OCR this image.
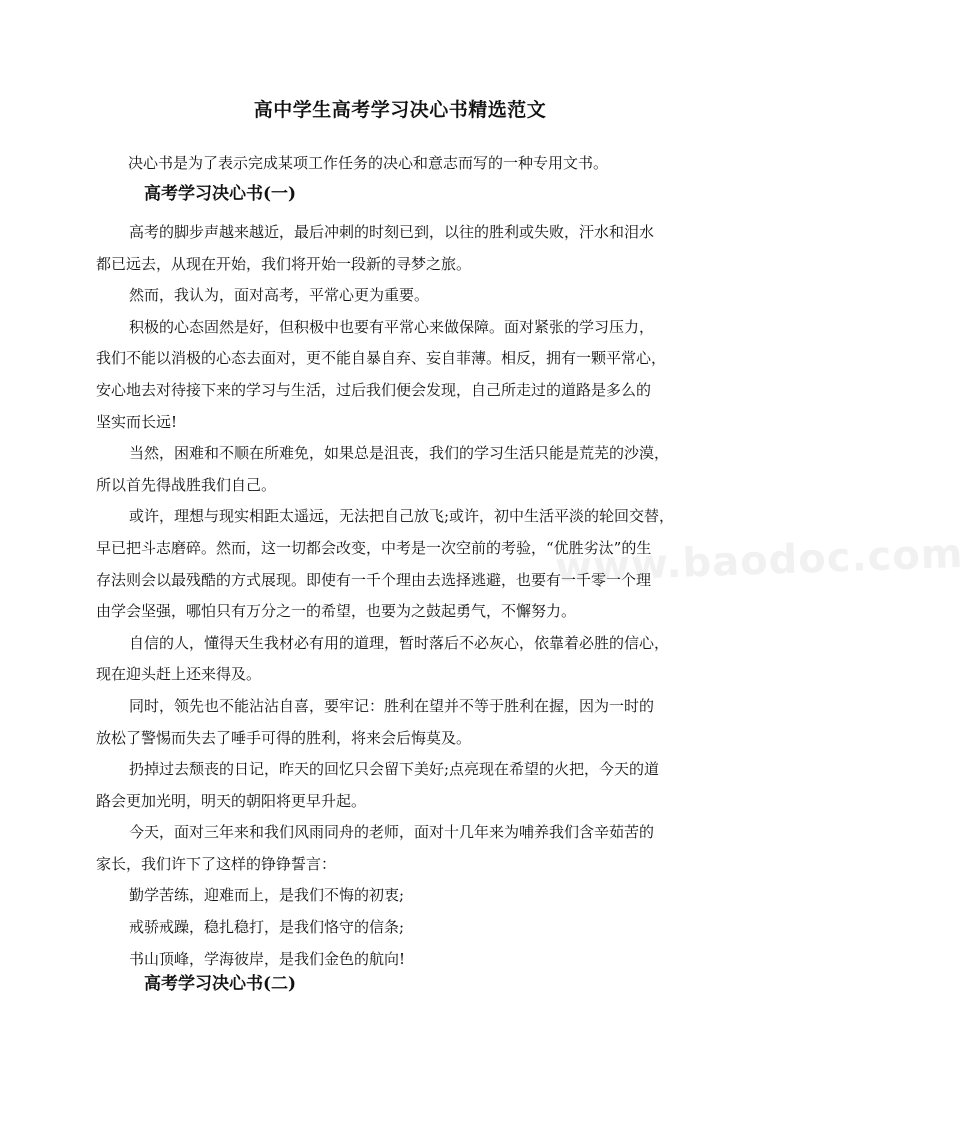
高中学生高考学习决心书精选范文
决心书是为了表示完成某项工作任务的决心和意志而写的一种专用文书。
高考学习决心书(一)
高考的脚步声越来越近，最后冲刺的时刻已到，以往的胜利或失败，汗水和泪水
都已远去，从现在开始，我们将开始一段新的寻梦之旅。
然而，我认为，面对高考，平常心更为重要。
积极的心态固然是好，但积极中也要有平常心来做保障。面对紧张的学习压力，
我们不能以消极的心态去面对，更不能自暴自弃、妄自菲薄。相反，拥有一颗平常心，
安心地去对待接下来的学习与生活，过后我们便会发现，自己所走过的道路是多么的
坚实而长远!
当然，困难和不顺在所难免，如果总是沮丧，我们的学习生活只能是荒芜的沙漠，
所以首先得战胜我们自己。
或许，理想与现实相距太遥远，无法把自己放飞;或许，初中生活平淡的轮回交替，
早已把斗志磨碎。然而，这一切都会改变，中考是一次空前的考验，“优胜劣汰”的生
存法则会以最残酷的方式展现。即使有一千个理由去选择逃避，也要有一千零一个理
由学会坚强，哪怕只有万分之一的希望，也要为之鼓起勇气，不懈努力。
自信的人，懂得天生我材必有用的道理，暂时落后不必灰心，依靠着必胜的信心，
现在迎头赶上还来得及。
同时，领先也不能沾沾自喜，要牢记：胜利在望并不等于胜利在握，因为一时的
放松了警惕而失去了唾手可得的胜利，将来会后悔莫及。
扔掉过去颓丧的日记，昨天的回忆只会留下美好;点亮现在希望的火把，今天的道
路会更加光明，明天的朝阳将更早升起。
今天，面对三年来和我们风雨同舟的老师，面对十几年来为哺养我们含辛茹苦的
家长，我们许下了这样的铮铮誓言：
勤学苦练，迎难而上，是我们不悔的初衷;
戒骄戒躁，稳扎稳打，是我们恪守的信条;
书山顶峰，学海彼岸，是我们金色的航向!
高考学习决心书(二)
www.baodoc.com
